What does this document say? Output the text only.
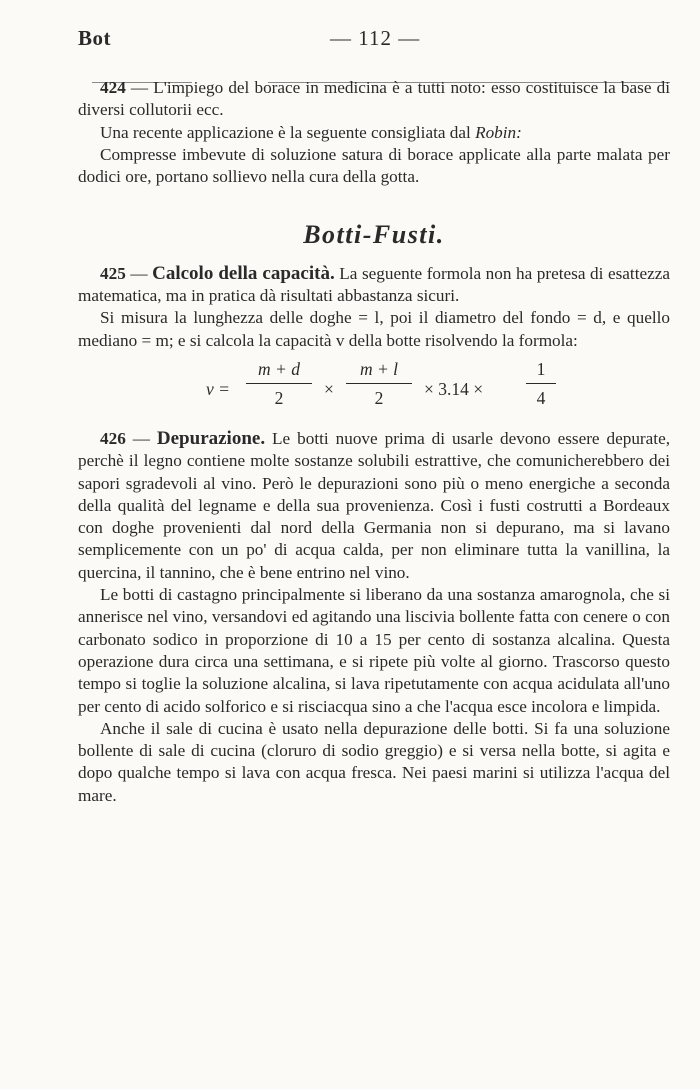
Bot	— 112 —

424 — L'impiego del borace in medicina è a tutti noto: esso costituisce la base di diversi collutorii ecc.

Una recente applicazione è la seguente consigliata dal Robin:

Compresse imbevute di soluzione satura di borace applicate alla parte malata per dodici ore, portano sollievo nella cura della gotta.

Botti-Fusti.

425 — Calcolo della capacità. La seguente formola non ha pretesa di esattezza matematica, ma in pratica dà risultati abbastanza sicuri.

Si misura la lunghezza delle doghe = l, poi il diametro del fondo = d, e quello mediano = m; e si calcola la capacità v della botte risolvendo la formola:

v =
m + d
2	×
m + l
2	× 3.14 ×
1
4

426 — Depurazione. Le botti nuove prima di usarle devono essere depurate, perchè il legno contiene molte sostanze solubili estrattive, che comunicherebbero dei sapori sgradevoli al vino. Però le depurazioni sono più o meno energiche a seconda della qualità del legname e della sua provenienza. Così i fusti costrutti a Bordeaux con doghe provenienti dal nord della Germania non si depurano, ma si lavano semplicemente con un po' di acqua calda, per non eliminare tutta la vanillina, la quercina, il tannino, che è bene entrino nel vino.

Le botti di castagno principalmente si liberano da una sostanza amarognola, che si annerisce nel vino, versandovi ed agitando una liscivia bollente fatta con cenere o con carbonato sodico in proporzione di 10 a 15 per cento di sostanza alcalina. Questa operazione dura circa una settimana, e si ripete più volte al giorno. Trascorso questo tempo si toglie la soluzione alcalina, si lava ripetutamente con acqua acidulata all'uno per cento di acido solforico e si risciacqua sino a che l'acqua esce incolora e limpida.

Anche il sale di cucina è usato nella depurazione delle botti. Si fa una soluzione bollente di sale di cucina (cloruro di sodio greggio) e si versa nella botte, si agita e dopo qualche tempo si lava con acqua fresca. Nei paesi marini si utilizza l'acqua del mare.
